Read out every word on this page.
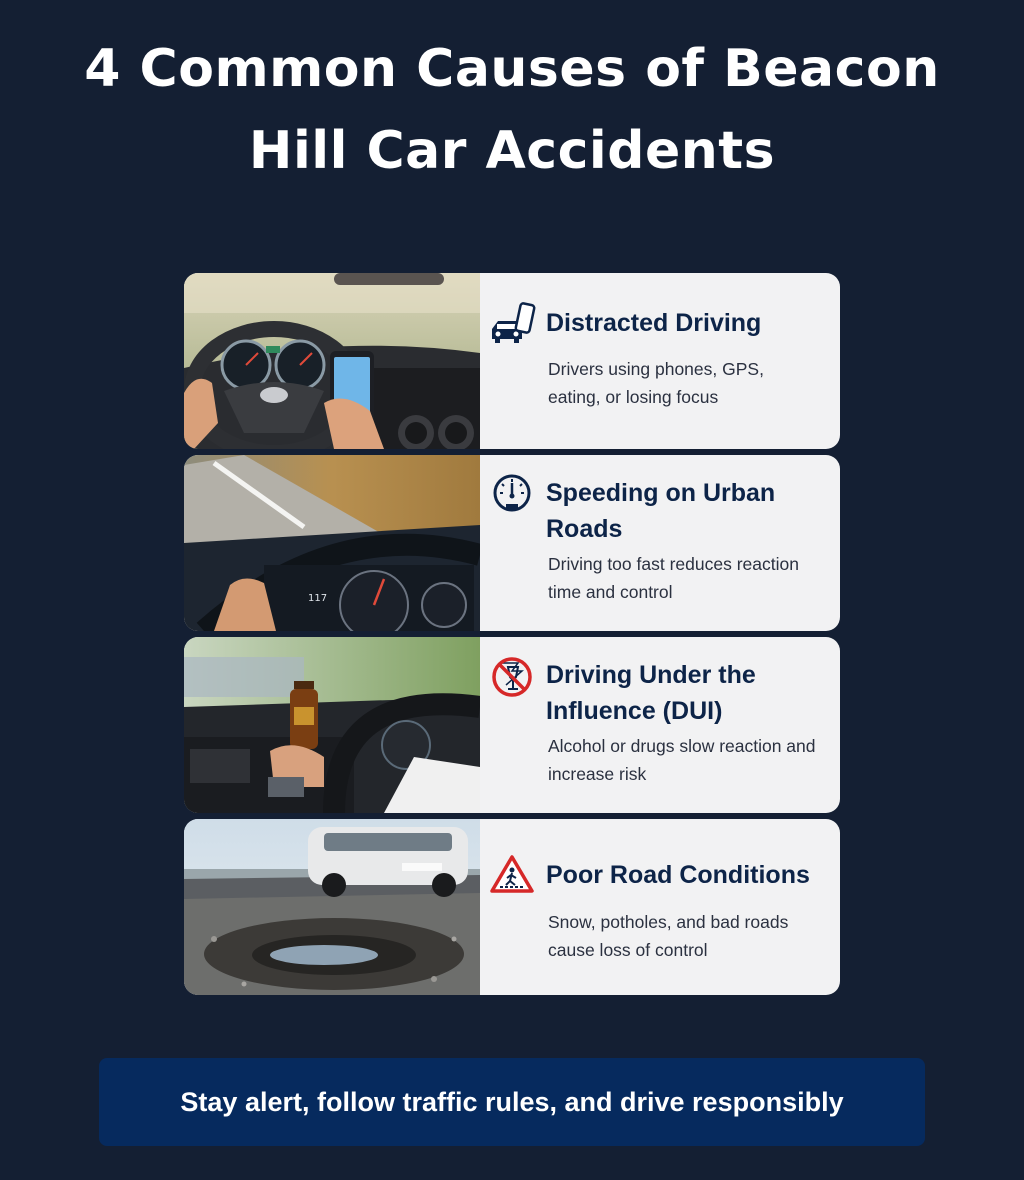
4 Common Causes of Beacon Hill Car Accidents
Distracted Driving
Drivers using phones, GPS, eating, or losing focus
117
Speeding on Urban Roads
Driving too fast reduces reaction time and control
Driving Under the Influence (DUI)
Alcohol or drugs slow reaction and increase risk
Poor Road Conditions
Snow, potholes, and bad roads cause loss of control
Stay alert, follow traffic rules, and drive responsibly
